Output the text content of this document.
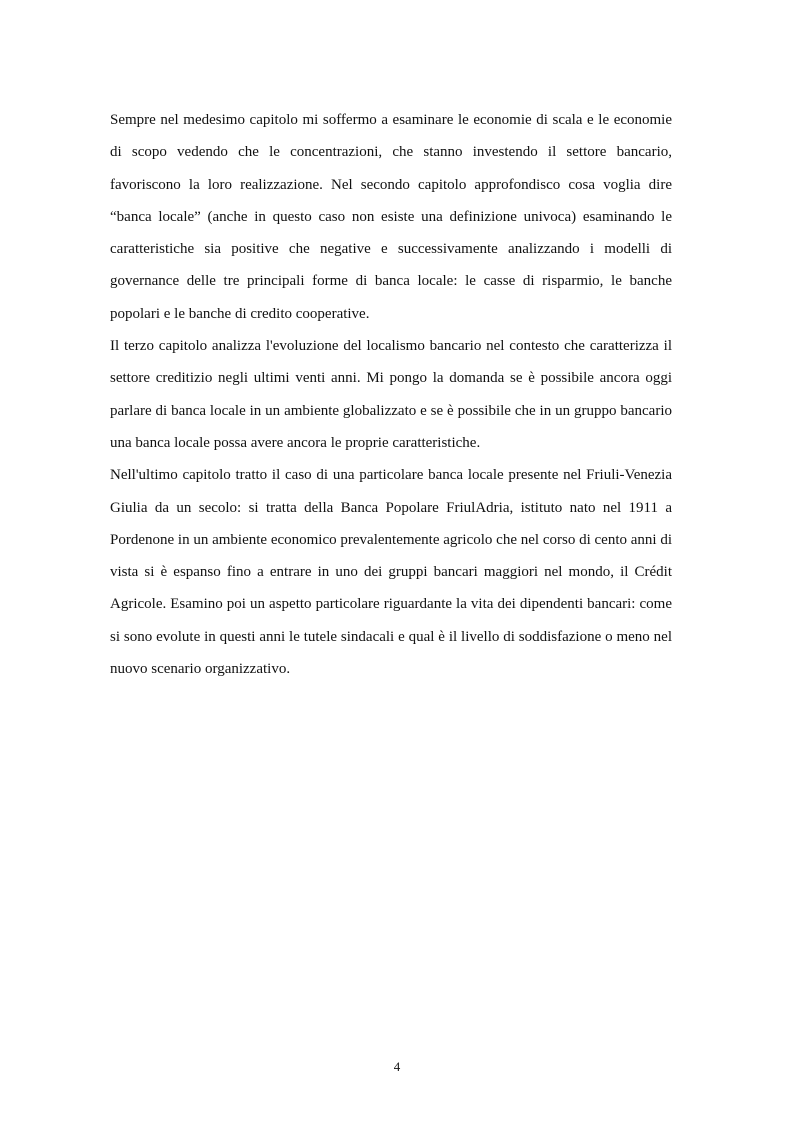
Sempre nel medesimo capitolo mi soffermo a esaminare le economie di scala e le economie di scopo vedendo che le concentrazioni, che stanno investendo il settore bancario, favoriscono la loro realizzazione. Nel secondo capitolo approfondisco cosa voglia dire “banca locale” (anche in questo caso non esiste una definizione univoca) esaminando le caratteristiche sia positive che negative e successivamente analizzando i modelli di governance delle tre principali forme di banca locale: le casse di risparmio, le banche popolari e le banche di credito cooperative.

Il terzo capitolo analizza l'evoluzione del localismo bancario nel contesto che caratterizza il settore creditizio negli ultimi venti anni. Mi pongo la domanda se è possibile ancora oggi parlare di banca locale in un ambiente globalizzato e se è possibile che in un gruppo bancario una banca locale possa avere ancora le proprie caratteristiche.

Nell'ultimo capitolo tratto il caso di una particolare banca locale presente nel Friuli-Venezia Giulia da un secolo: si tratta della Banca Popolare FriulAdria, istituto nato nel 1911 a Pordenone in un ambiente economico prevalentemente agricolo che nel corso di cento anni di vista si è espanso fino a entrare in uno dei gruppi bancari maggiori nel mondo, il Crédit Agricole. Esamino poi un aspetto particolare riguardante la vita dei dipendenti bancari: come si sono evolute in questi anni le tutele sindacali e qual è il livello di soddisfazione o meno nel nuovo scenario organizzativo.

4
